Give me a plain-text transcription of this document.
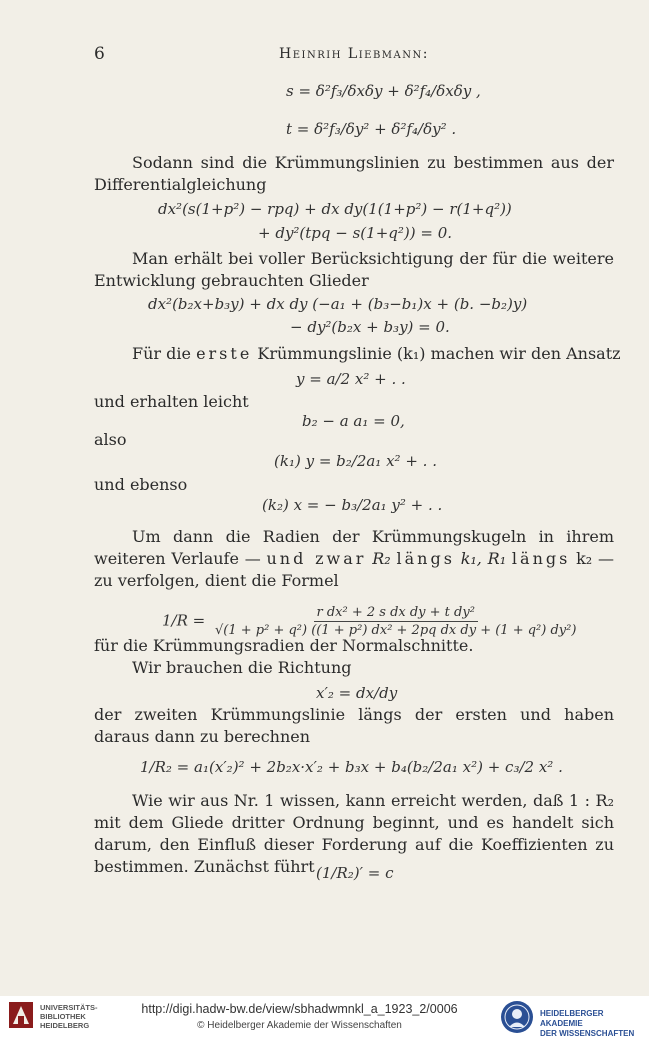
6	Heinrih Liebmann:
s = δ²f₃/δxδy + δ²f₄/δxδy ,
t = δ²f₃/δy² + δ²f₄/δy² .
Sodann sind die Krümmungslinien zu bestimmen aus der Differentialgleichung
dx²(s(1+p²) − rpq) + dx dy(1(1+p²) − r(1+q²))
+ dy²(tpq − s(1+q²)) = 0.
Man erhält bei voller Berücksichtigung der für die weitere Entwicklung gebrauchten Glieder
dx²(b₂x+b₃y) + dx dy (−a₁ + (b₃−b₁)x + (b. −b₂)y)
− dy²(b₂x + b₃y) = 0.
Für die erste Krümmungslinie (k₁) machen wir den Ansatz
y = a/2 x² + . .
und erhalten leicht
b₂ − a a₁ = 0,
also
(k₁) y = b₂/2a₁ x² + . .
und ebenso
(k₂) x = − b₃/2a₁ y² + . .
Um dann die Radien der Krümmungskugeln in ihrem weiteren Verlaufe — und zwar R₂ längs k₁, R₁ längs k₂ — zu verfolgen, dient die Formel
$1/R = \frac{\text{r dx² + 2 s dx dy + t dy²}}{\text{√(1 + p² + q²) ((1 + p²) dx² + 2pq dx dy + (1 + q²) dy²)}}$
für die Krümmungsradien der Normalschnitte.
Wir brauchen die Richtung
x′₂ = dx/dy
der zweiten Krümmungslinie längs der ersten und haben daraus dann zu berechnen
1/R₂ = a₁(x′₂)² + 2b₂x·x′₂ + b₃x + b₄(b₂/2a₁ x²) + c₃/2 x² .
Wie wir aus Nr. 1 wissen, kann erreicht werden, daß 1 : R₂ mit dem Gliede dritter Ordnung beginnt, und es handelt sich darum, den Einfluß dieser Forderung auf die Koeffizienten zu bestimmen. Zunächst führt (1/R₂)′ = c
UNIVERSITÄTS-
BIBLIOTHEK
HEIDELBERG
http://digi.hadw-bw.de/view/sbhadwmnkl_a_1923_2/0006
© Heidelberger Akademie der Wissenschaften
HEIDELBERGER AKADEMIE
DER WISSENSCHAFTEN
